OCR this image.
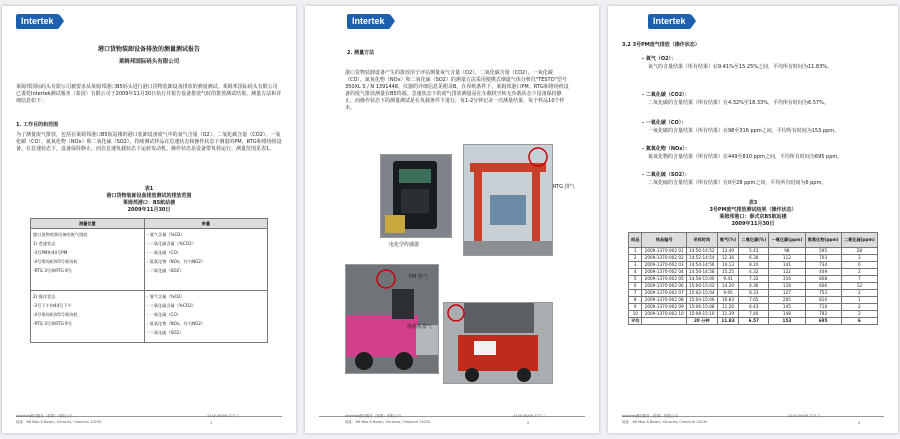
Intertek
港口货物装卸设备排放的测量测试报告
莱姆邦国际码头有限公司
莱姆邦国际码头有限公司被要求从莱姆邦港口B5码头进行港口货物装卸设备排放的测量测试。莱姆邦国际码头有限公司已委托Intertek测试服务（泰国）有限公司于2009年11月30日执行并报告设备排放气时的排放测试结果。测量方法和详细信息如下：
1. 工作目的和范围
为了测量废气排放，包括在莱姆邦港口B5航站楼的港口装卸设备废气中的氧气含量（O2）、二氧化碳含量（CO2）、一氧化碳（CO）、氮氧化物（NOx）和二氧化硫（SO2），持续测试样品在怠速状态和操作状态下测量的PM、RTG和堆场机设备。在怠速状态下，设备保持静止，而在怠速负载状态下运转发动机。操作状态是设备带负荷运行。测量范围见表1。
表1
港口货物装卸设备排放测试的排放范围
莱姆邦港口：B5航站楼
2009年11月30日
测量位置	参量

港口货物装卸设备的废气排放
1) 怠速状态
-3号PM和44号PM
-4号堆场机和5号堆场机
-RTG 3号和RTG 9号	- 氧气含量（%O2）
- 二氧化碳含量（%CO2）
- 一氧化碳（CO）
- 氮氧化物（NOx，作为NO2）
- 二氧化硫（SO2）

2) 操作状态
-3号下午和44号下午
-4号堆场机和5号堆场机
-RTG 3号和RTG 9号	- 氧气含量（%O2）
- 二氧化碳含量（%CO2）
- 一氧化碳（CO）
- 氮氧化物（NOx，作为NO2）
- 二氧化硫（SO2）
Intertek测试服务（泰国）有限公司
地址：88 Moo 8 Bowin, Sriracha, Chonburi 20230
4245 06/09-777 三
1
Intertek
2. 测量方法
港口货物装卸设备产生的排放用于评估测量氧气含量（O2）、二氧化碳含量（CO2）、一氧化碳（CO）、氮氧化物（NOx）和二氧化硫（SO2）的测量方法采用便携式烟道气体分析仪"TESTO"型号350XL S / N 1391448。仪器的详细信息见附录B。在厚纸条件下，莱姆邦港口PM、RTG和堆场机设备的废气排放测量在B5终端。急速状态下的废气排放测量是在车载机空转无负载状态下设备保持静止，而操作状态下的测量测试是在负载条件下进行，每1-2分钟记录一次测量结果，每个样品10个样本。
电化学传感器
RTG 排气
PM 排气
堆场机排气
Intertek测试服务（泰国）有限公司
地址：88 Moo 8 Bowin, Sriracha, Chonburi 20230
4245 06/09-777 三
2
Intertek
3.2 3号PM废气排放（操作状态）
- 氧气（O2）：
氧气的含量结果（所有结果）在9.41%至15.25%之间，平均所有时间为11.83%。
- 二氧化碳（CO2）：
二氧化碳的含量结果（所有结果）在4.32%至18.33%，平均所有时间为6.57%。
- 一氧化碳（CO）：
一氧化碳的含量结果（所有结果）在98至316 ppm之间，平均所有时间为153 ppm。
- 氮氧化物（NOx）：
氮氧化物的含量结果（所有结果）在449至810 ppm之间，平均所有时间为695 ppm。
- 二氧化硫（SO2）：
二氧化硫的含量结果（所有结果）在0至28 ppm之间，平均所有时间为6 ppm。
表3
3号PM废气排放测试结果（操作状态）
莱姆邦港口：泰式京B5航站楼
2009年11月30日
样品	样品编号	采样时间	氧气(%)	二氧化碳(%)	一氧化碳(ppm)	氮氧化物(ppm)	二氧化硫(ppm)
1	2009-1370-002 01	14:50-14:52	13.49	5.43	98	595	28
2	2009-1370-002 02	14:52-14:54	12.36	6.30	112	703	3
3	2009-1370-002 03	14:54-14:56	10.13	8.10	141	734	0
4	2009-1370-002 04	14:56-14:58	15.25	4.32	122	449	2
5	2009-1370-002 05	14:58-15:00	9.41	7.32	316	808	7
6	2009-1370-002 06	15:00-15:02	14.20	4.36	118	606	12
7	2009-1370-002 07	15:02-15:04	9.95	8.33	127	753	2
8	2009-1370-002 08	15:04-15:06	10.83	7.65	205	810	1
9	2009-1370-002 09	15:06-15:08	11.26	6.43	145	710	2
10	2009-1370-002 10	15:08-15:10	11.39	7.40	148	782	2
平均		20 分钟	11.83	6.57	153	695	6
Intertek测试服务（泰国）有限公司
地址：88 Moo 8 Bowin, Sriracha, Chonburi 20230
4245 06/09-777 三
4
